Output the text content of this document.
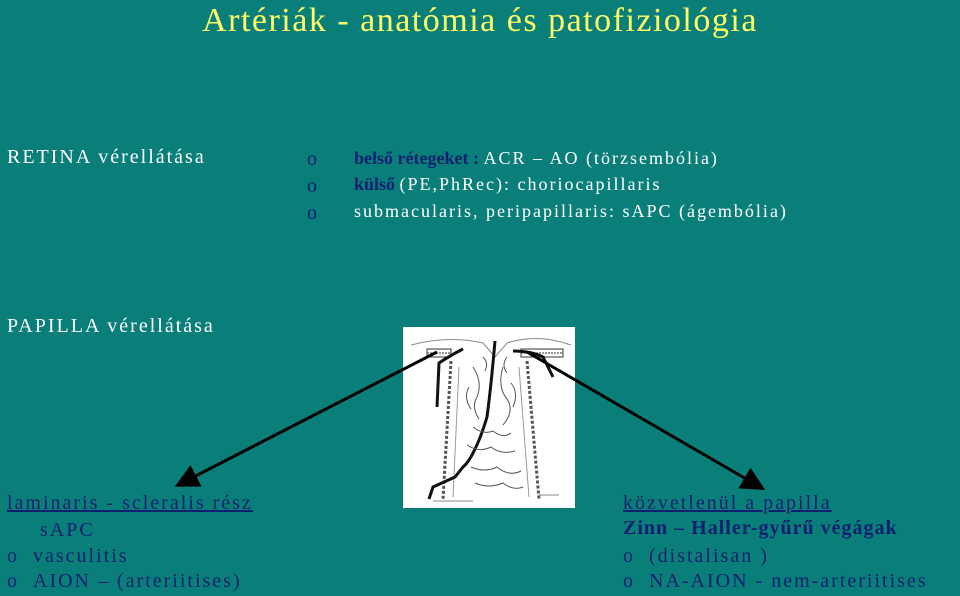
Artériák - anatómia és patofiziológia
RETINA vérellátása	o belső rétegeket : ACR – AO (törzsembólia)
o külső (PE,PhRec): choriocapillaris
o submacularis, peripapillaris: sAPC (ágembólia)
PAPILLA vérellátása
laminaris - scleralis rész
sAPC
o vasculitis
o AION – (arteriitises)
közvetlenül a papilla
Zinn – Haller-gyűrű végágak
o (distalisan )
o NA-AION - nem-arteriitises
